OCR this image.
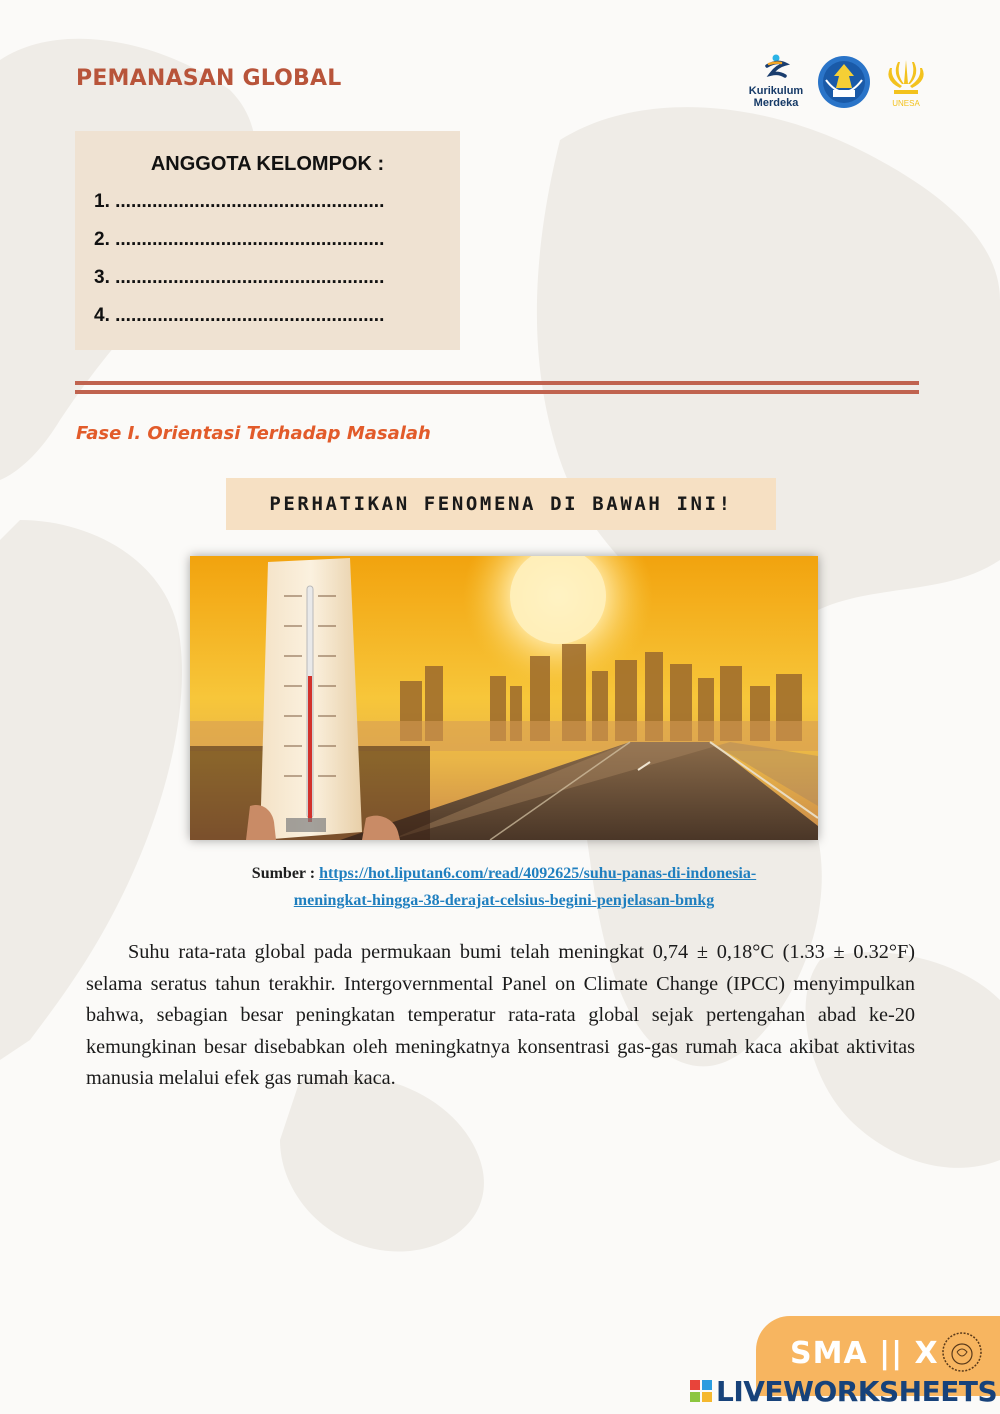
PEMANASAN GLOBAL	Kurikulum
Merdeka	UNESA
ANGGOTA KELOMPOK :
1. ...................................................
2. ...................................................
3. ...................................................
4. ...................................................
Fase I. Orientasi Terhadap Masalah
PERHATIKAN FENOMENA DI BAWAH INI!
Sumber : https://hot.liputan6.com/read/4092625/suhu-panas-di-indonesia-
meningkat-hingga-38-derajat-celsius-begini-penjelasan-bmkg
Suhu rata-rata global pada permukaan bumi telah meningkat 0,74 ± 0,18°C (1.33 ± 0.32°F) selama seratus tahun terakhir. Intergovernmental Panel on Climate Change (IPCC) menyimpulkan bahwa, sebagian besar peningkatan temperatur rata-rata global sejak pertengahan abad ke-20 kemungkinan besar disebabkan oleh meningkatnya konsentrasi gas-gas rumah kaca akibat aktivitas manusia melalui efek gas rumah kaca.
SMA || X
LIVEWORKSHEETS
